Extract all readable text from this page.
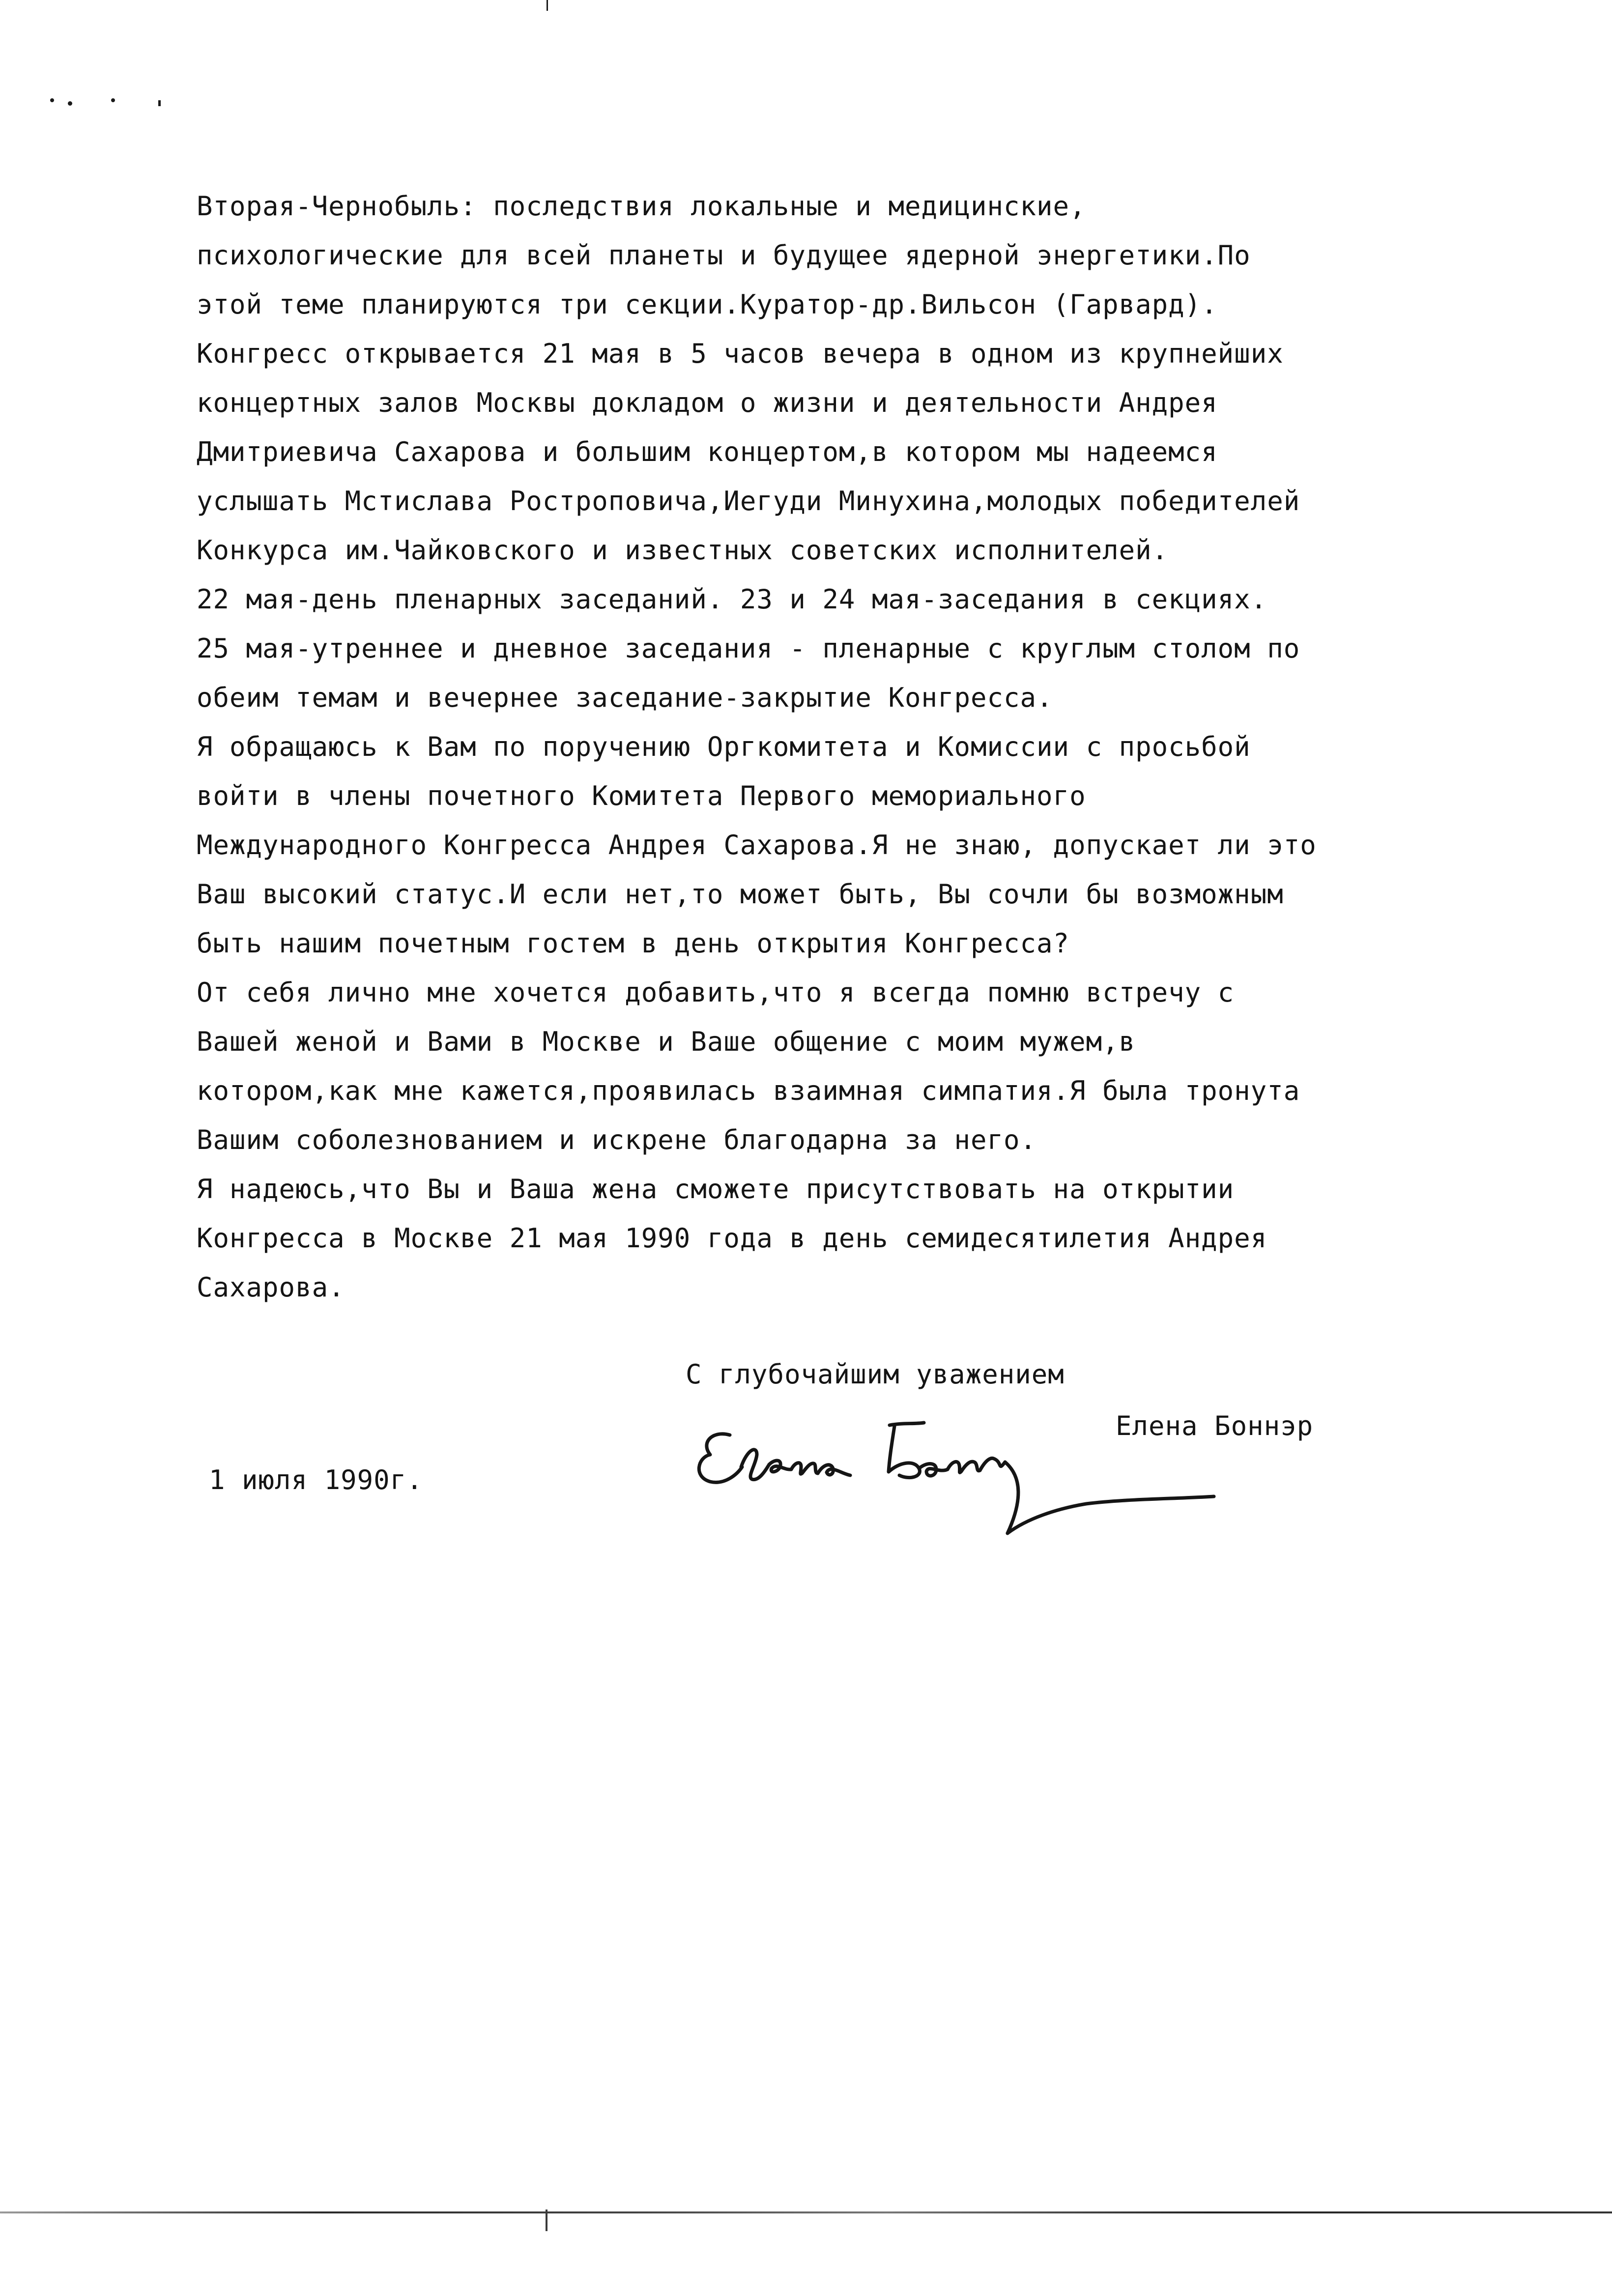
Вторая-Чернобыль: последствия локальные и медицинские,
психологические для всей планеты и будущее ядерной энергетики.По
этой теме планируются три секции.Куратор-др.Вильсон (Гарвард).
Конгресс открывается 21 мая в 5 часов вечера в одном из крупнейших
концертных залов Москвы докладом о жизни и деятельности Андрея
Дмитриевича Сахарова и большим концертом,в котором мы надеемся
услышать Мстислава Ростроповича,Иегуди Минухина,молодых победителей
Конкурса им.Чайковского и известных советских исполнителей.
22 мая-день пленарных заседаний. 23 и 24 мая-заседания в секциях.
25 мая-утреннее и дневное заседания - пленарные с круглым столом по
обеим темам и вечернее заседание-закрытие Конгресса.
Я обращаюсь к Вам по поручению Оргкомитета и Комиссии с просьбой
войти в члены почетного Комитета Первого мемориального
Международного Конгресса Андрея Сахарова.Я не знаю, допускает ли это
Ваш высокий статус.И если нет,то может быть, Вы сочли бы возможным
быть нашим почетным гостем в день открытия Конгресса?
От себя лично мне хочется добавить,что я всегда помню встречу с
Вашей женой и Вами в Москве и Ваше общение с моим мужем,в
котором,как мне кажется,проявилась взаимная симпатия.Я была тронута
Вашим соболезнованием и искрене благодарна за него.
Я надеюсь,что Вы и Ваша жена сможете присутствовать на открытии
Конгресса в Москве 21 мая 1990 года в день семидесятилетия Андрея
Сахарова.

С глубочайшим уважением

Елена Боннэр

1 июля 1990г.
